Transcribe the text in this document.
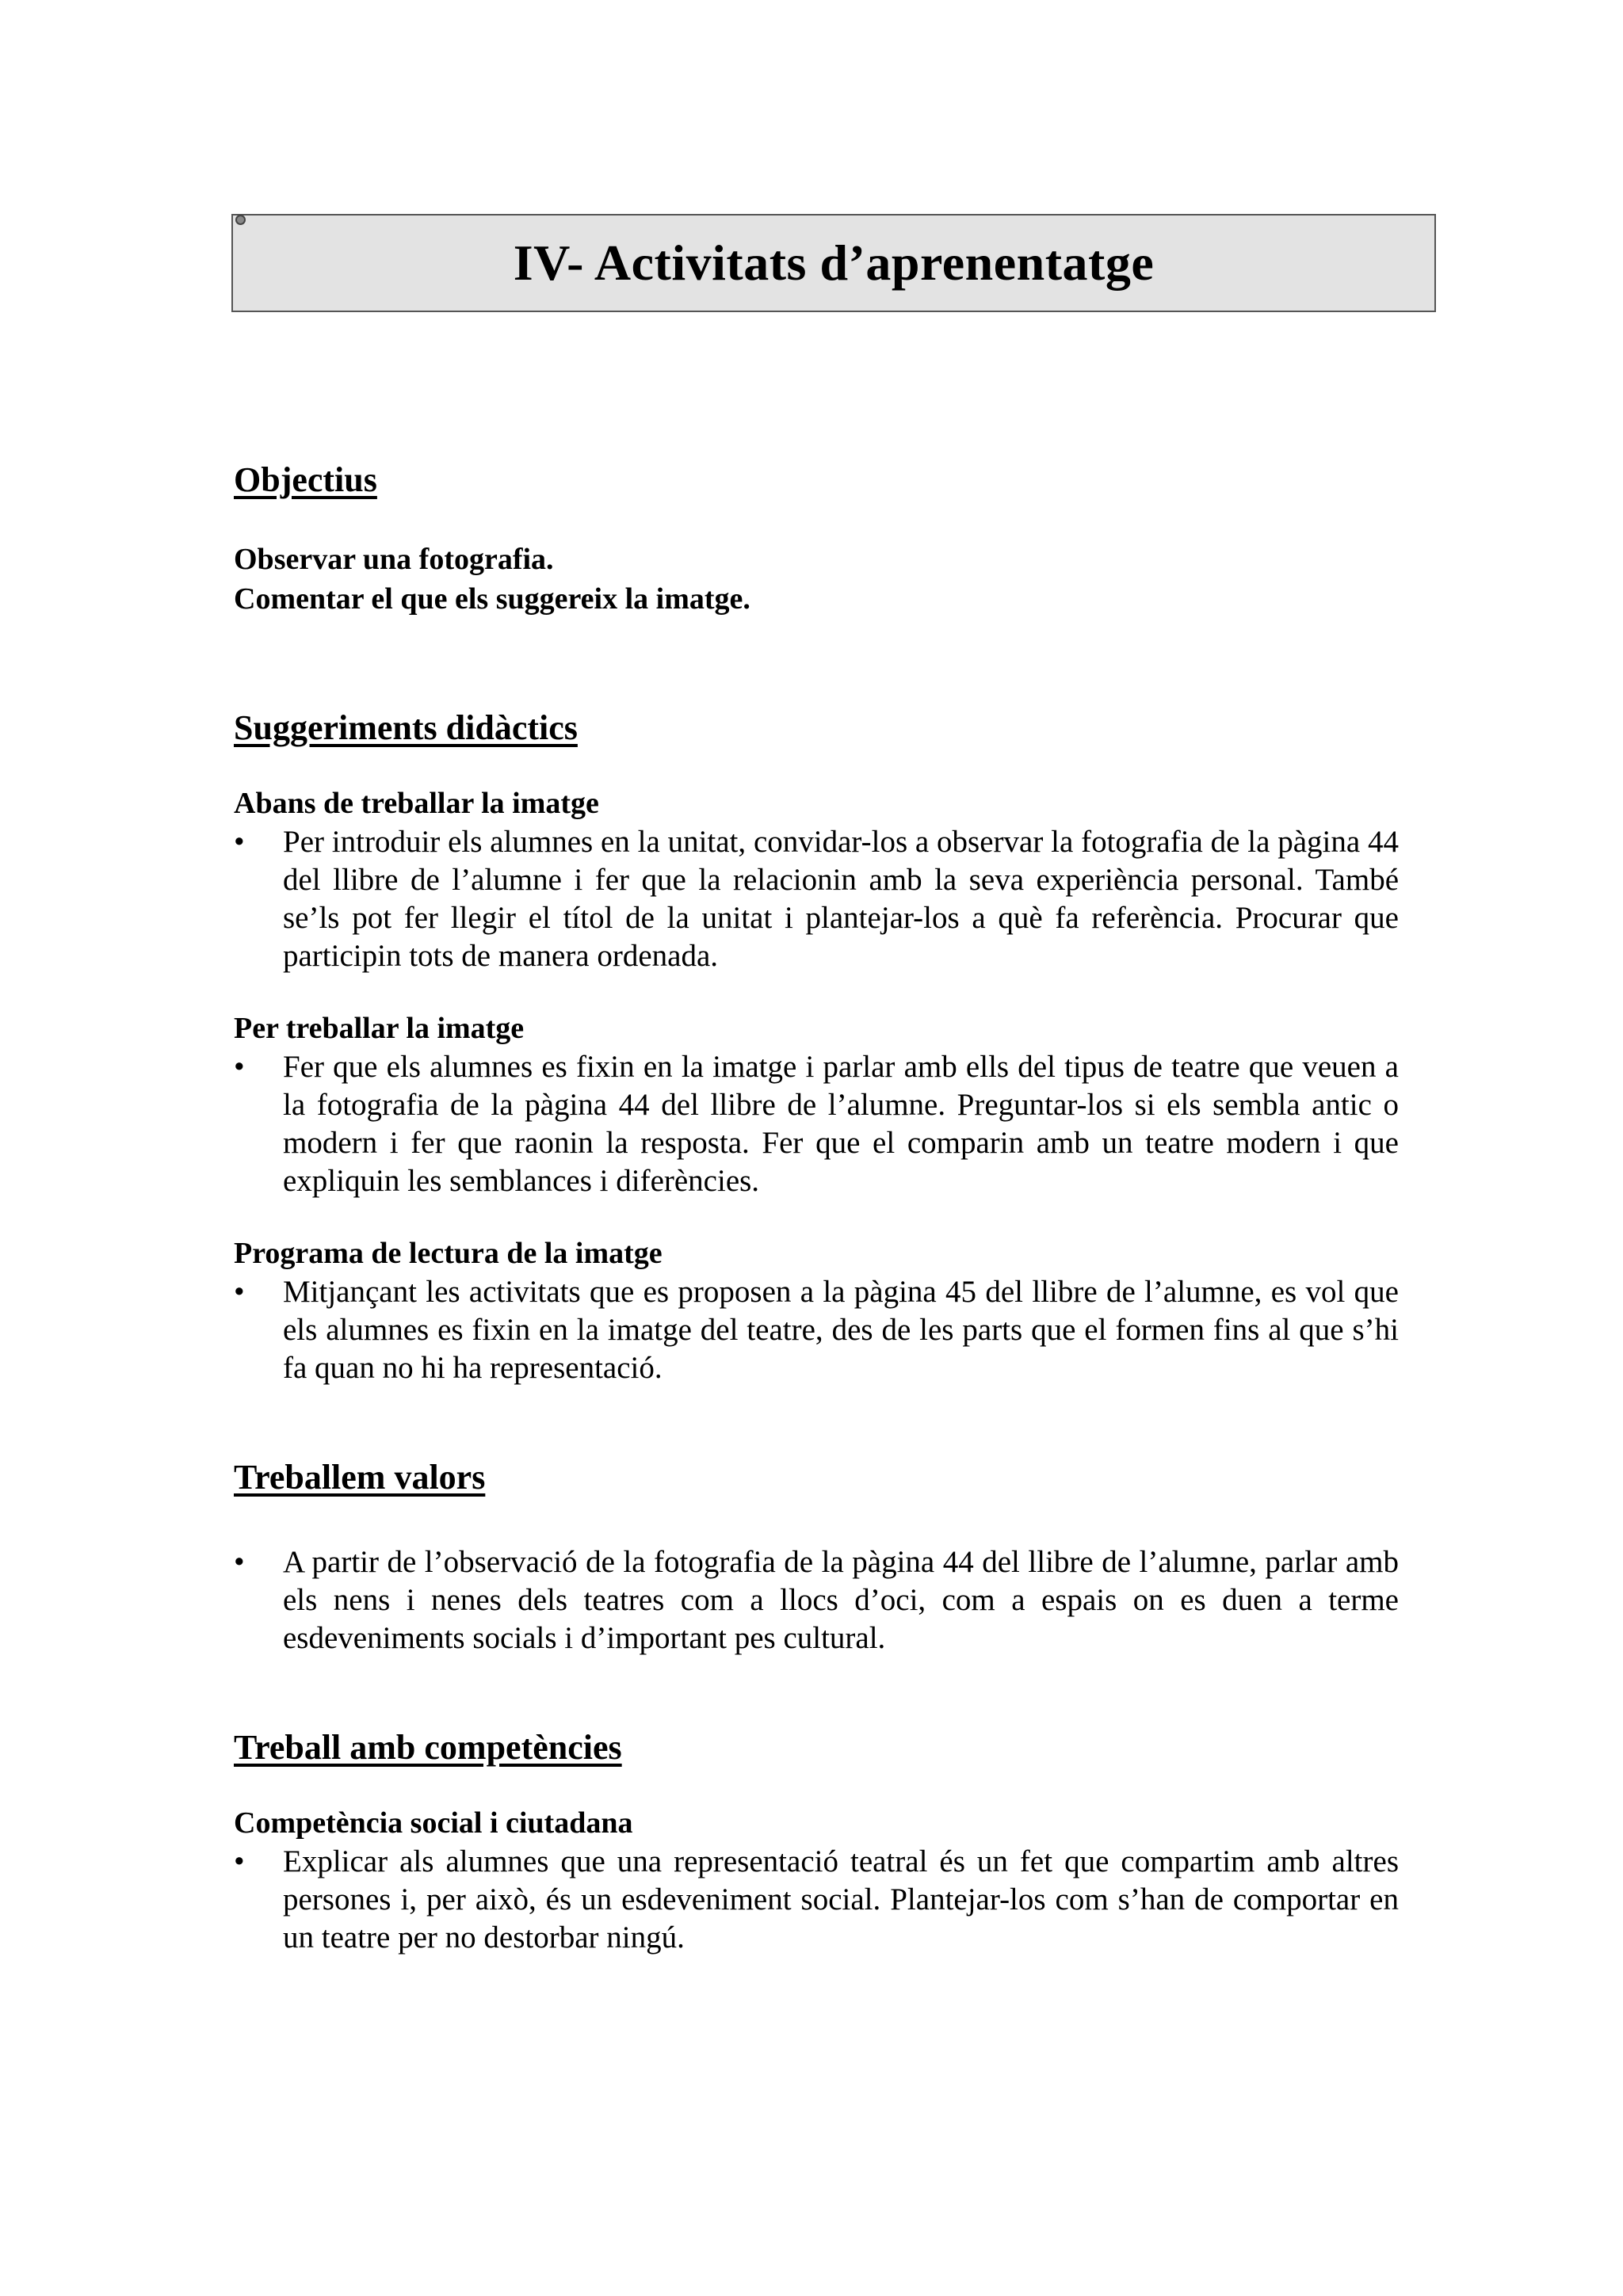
IV- Activitats d’aprenentatge
Objectius
Observar una fotografia.
Comentar el que els suggereix la imatge.
Suggeriments didàctics
Abans de treballar la imatge

• Per introduir els alumnes en la unitat, convidar-los a observar la fotografia de la pàgina 44 del llibre de l’alumne i fer que la relacionin amb la seva experiència personal. També se’ls pot fer llegir el títol de la unitat i plantejar-los a què fa referència. Procurar que participin tots de manera ordenada.

Per treballar la imatge

• Fer que els alumnes es fixin en la imatge i parlar amb ells del tipus de teatre que veuen a la fotografia de la pàgina 44 del llibre de l’alumne. Preguntar-los si els sembla antic o modern i fer que raonin la resposta. Fer que el comparin amb un teatre modern i que expliquin les semblances i diferències.

Programa de lectura de la imatge

• Mitjançant les activitats que es proposen a la pàgina 45 del llibre de l’alumne, es vol que els alumnes es fixin en la imatge del teatre, des de les parts que el formen fins al que s’hi fa quan no hi ha representació.

Treballem valors

• A partir de l’observació de la fotografia de la pàgina 44 del llibre de l’alumne, parlar amb els nens i nenes dels teatres com a llocs d’oci, com a espais on es duen a terme esdeveniments socials i d’important pes cultural.

Treball amb competències
Competència social i ciutadana

• Explicar als alumnes que una representació teatral és un fet que compartim amb altres persones i, per això, és un esdeveniment social. Plantejar-los com s’han de comportar en un teatre per no destorbar ningú.
